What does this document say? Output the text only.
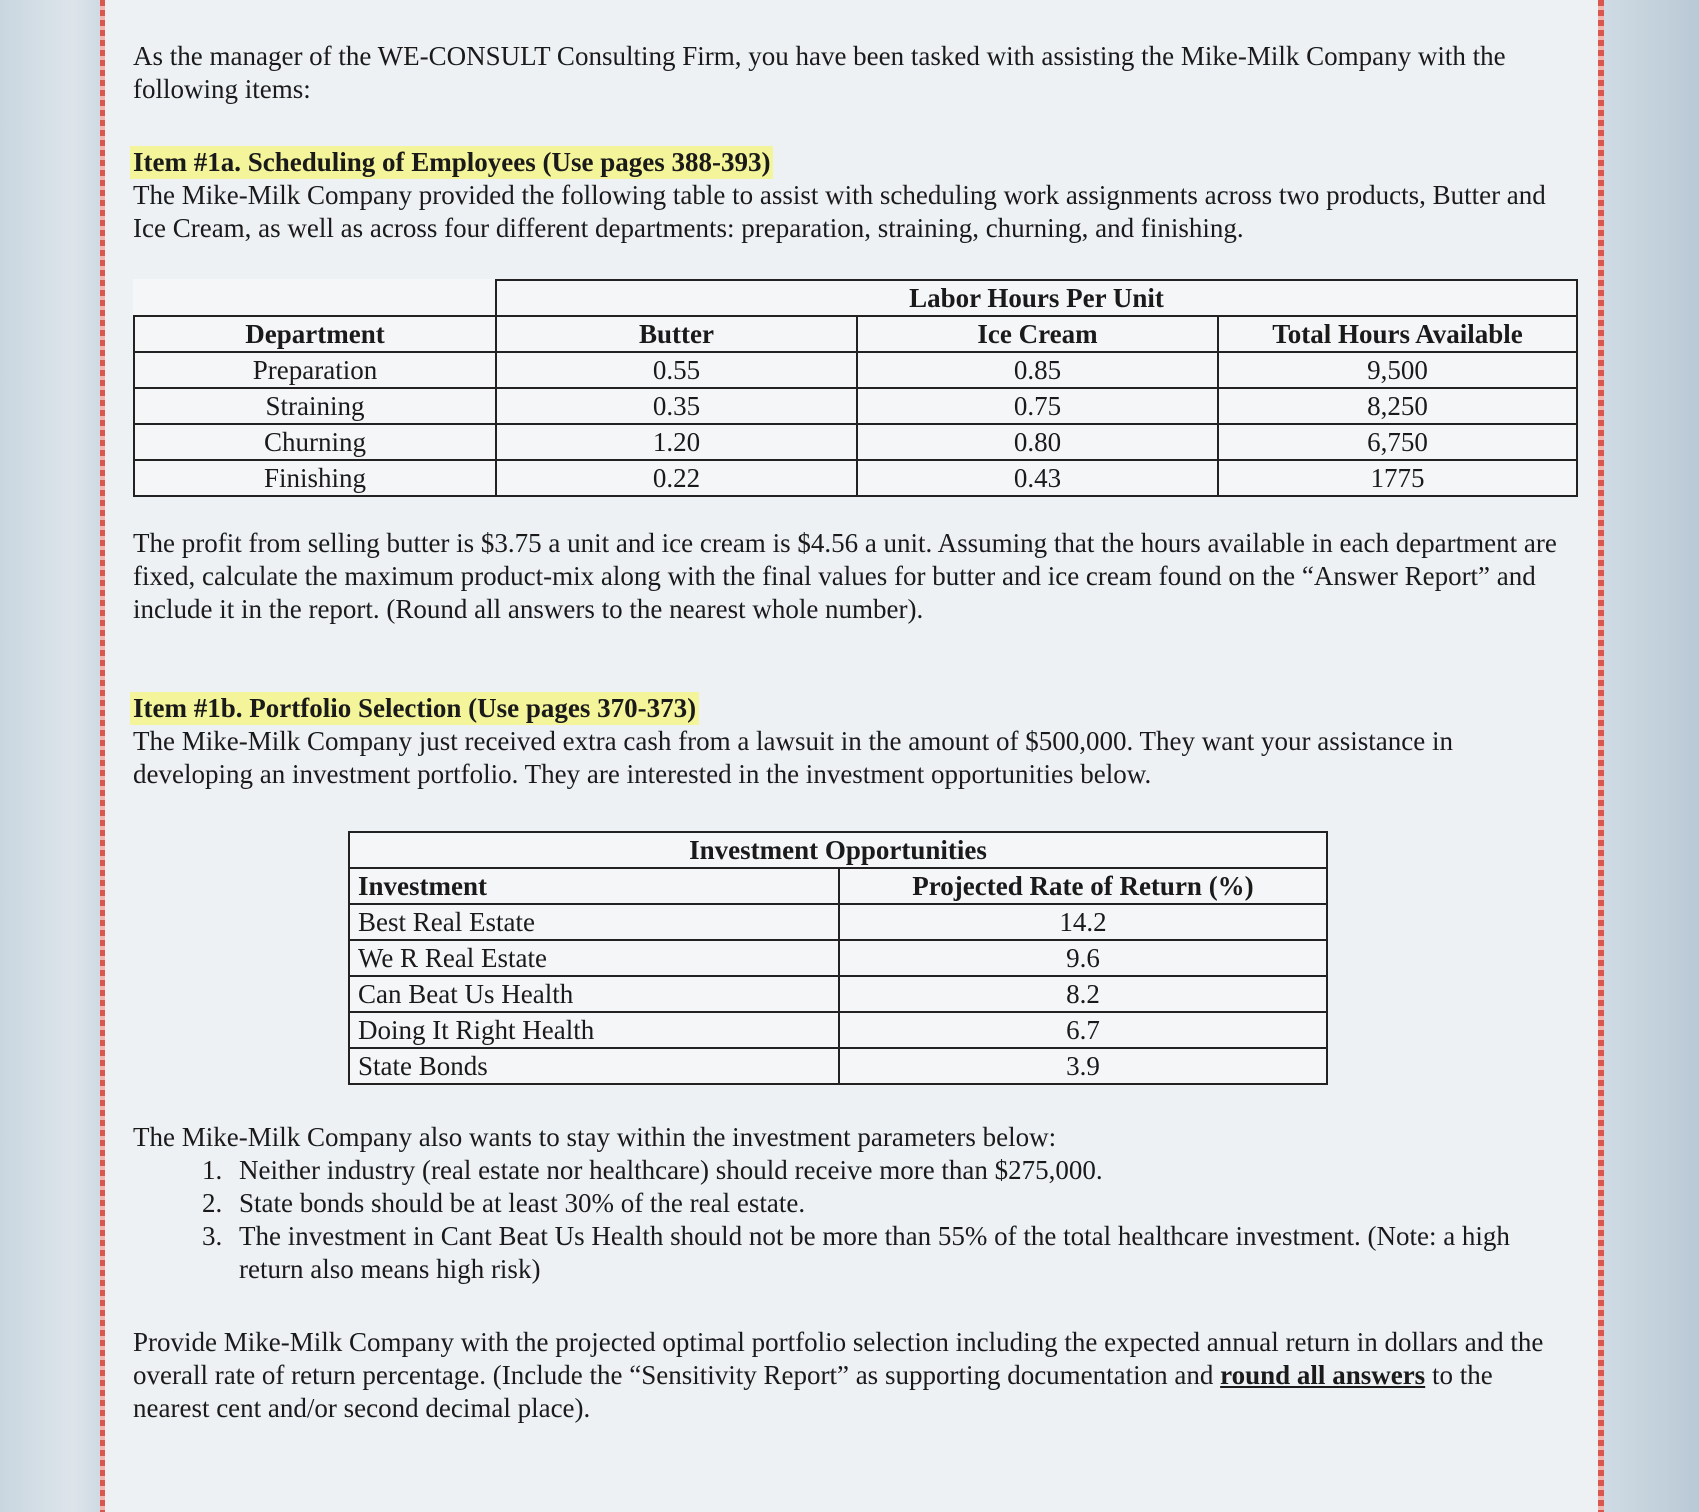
As the manager of the WE-CONSULT Consulting Firm, you have been tasked with assisting the Mike-Milk Company with the following items:

Item #1a. Scheduling of Employees (Use pages 388-393)

The Mike-Milk Company provided the following table to assist with scheduling work assignments across two products, Butter and Ice Cream, as well as across four different departments: preparation, straining, churning, and finishing.

	Labor Hours Per Unit		
Department	Butter	Ice Cream	Total Hours Available
Preparation	0.55	0.85	9,500
Straining	0.35	0.75	8,250
Churning	1.20	0.80	6,750
Finishing	0.22	0.43	1775

The profit from selling butter is $3.75 a unit and ice cream is $4.56 a unit. Assuming that the hours available in each department are fixed, calculate the maximum product-mix along with the final values for butter and ice cream found on the “Answer Report” and include it in the report. (Round all answers to the nearest whole number).

Item #1b. Portfolio Selection (Use pages 370-373)

The Mike-Milk Company just received extra cash from a lawsuit in the amount of $500,000. They want your assistance in developing an investment portfolio. They are interested in the investment opportunities below.

Investment Opportunities	
Investment	Projected Rate of Return (%)
Best Real Estate	14.2
We R Real Estate	9.6
Can Beat Us Health	8.2
Doing It Right Health	6.7
State Bonds	3.9

The Mike-Milk Company also wants to stay within the investment parameters below:

1. Neither industry (real estate nor healthcare) should receive more than $275,000.
2. State bonds should be at least 30% of the real estate.
3. The investment in Cant Beat Us Health should not be more than 55% of the total healthcare investment. (Note: a high return also means high risk)

Provide Mike-Milk Company with the projected optimal portfolio selection including the expected annual return in dollars and the overall rate of return percentage. (Include the “Sensitivity Report” as supporting documentation and round all answers to the nearest cent and/or second decimal place).
